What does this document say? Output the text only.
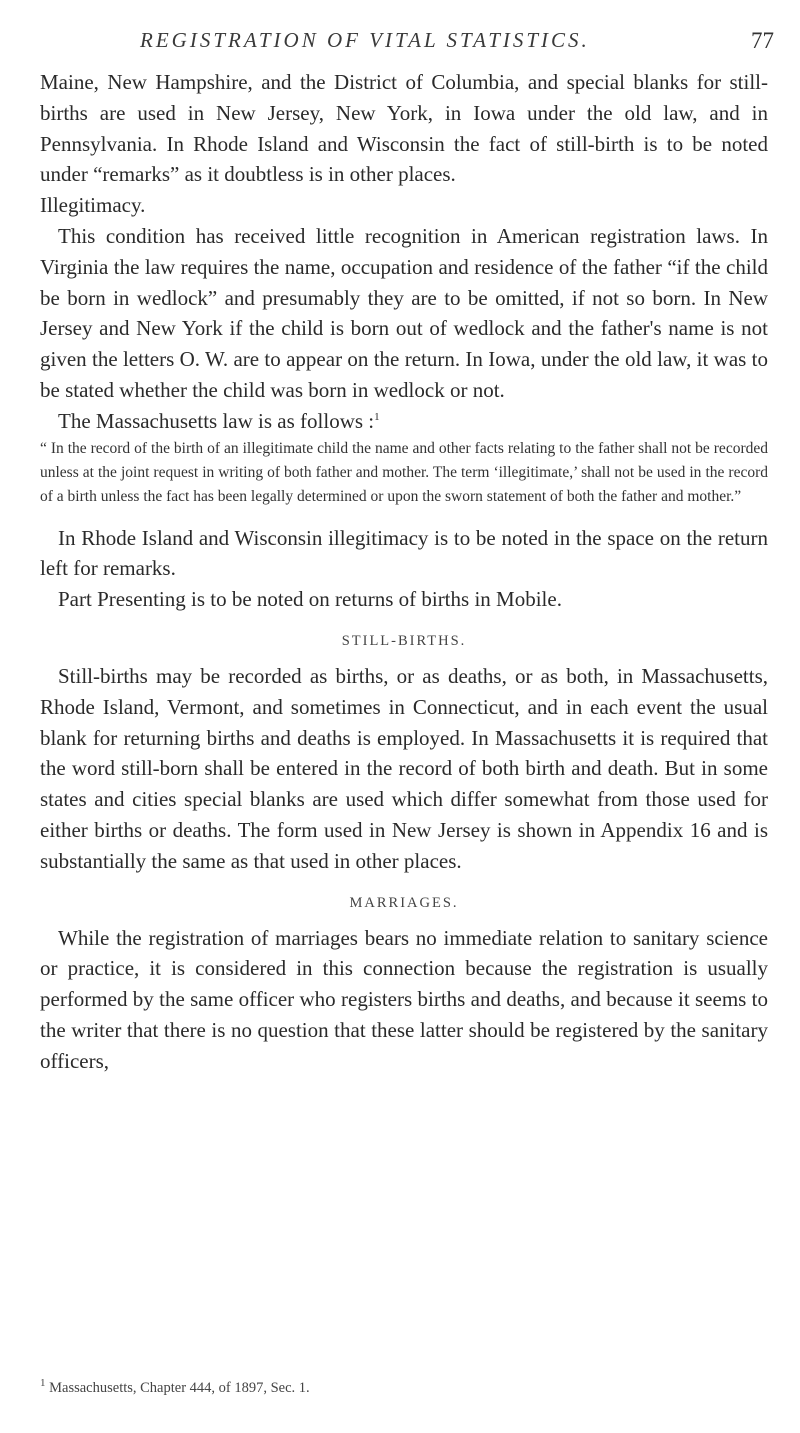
REGISTRATION OF VITAL STATISTICS.	77

Maine, New Hampshire, and the District of Columbia, and special blanks for still-births are used in New Jersey, New York, in Iowa under the old law, and in Pennsylvania. In Rhode Island and Wisconsin the fact of still-birth is to be noted under “remarks” as it doubtless is in other places.

Illegitimacy.

This condition has received little recognition in American registration laws. In Virginia the law requires the name, occupation and residence of the father “if the child be born in wedlock” and presumably they are to be omitted, if not so born. In New Jersey and New York if the child is born out of wedlock and the father's name is not given the letters O. W. are to appear on the return. In Iowa, under the old law, it was to be stated whether the child was born in wedlock or not.

The Massachusetts law is as follows :$^1$

“ In the record of the birth of an illegitimate child the name and other facts relating to the father shall not be recorded unless at the joint request in writing of both father and mother. The term ‘illegitimate,’ shall not be used in the record of a birth unless the fact has been legally determined or upon the sworn statement of both the father and mother.”

In Rhode Island and Wisconsin illegitimacy is to be noted in the space on the return left for remarks.

Part Presenting is to be noted on returns of births in Mobile.

STILL-BIRTHS.

Still-births may be recorded as births, or as deaths, or as both, in Massachusetts, Rhode Island, Vermont, and sometimes in Connecticut, and in each event the usual blank for returning births and deaths is employed. In Massachusetts it is required that the word still-born shall be entered in the record of both birth and death. But in some states and cities special blanks are used which differ somewhat from those used for either births or deaths. The form used in New Jersey is shown in Appendix 16 and is substantially the same as that used in other places.

MARRIAGES.

While the registration of marriages bears no immediate relation to sanitary science or practice, it is considered in this connection because the registration is usually performed by the same officer who registers births and deaths, and because it seems to the writer that there is no question that these latter should be registered by the sanitary officers,

$^1$ Massachusetts, Chapter 444, of 1897, Sec. 1.
